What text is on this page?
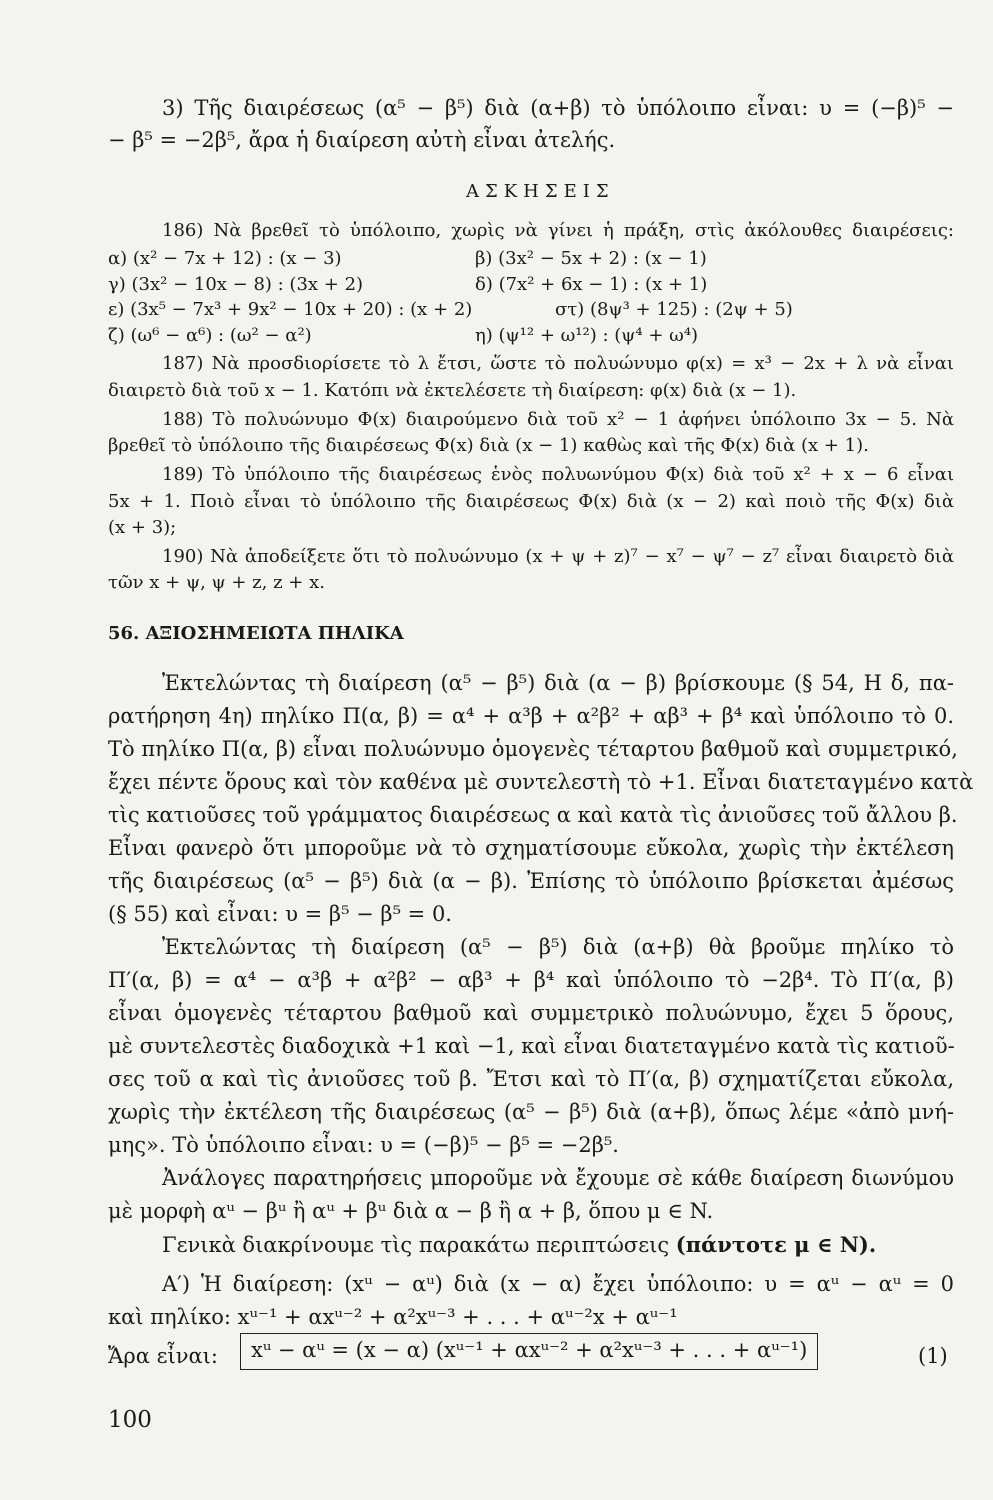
3) Τῆς διαιρέσεως (α⁵ − β⁵) διὰ (α+β) τὸ ὑπόλοιπο εἶναι: υ = (−β)⁵ −
− β⁵ = −2β⁵, ἄρα ἡ διαίρεση αὐτὴ εἶναι ἀτελής.
ΑΣΚΗΣΕΙΣ
186) Νὰ βρεθεῖ τὸ ὑπόλοιπο, χωρὶς νὰ γίνει ἡ πράξη, στὶς ἀκόλουθες διαιρέσεις:
α) (x² − 7x + 12) : (x − 3)	β) (3x² − 5x + 2) : (x − 1)
γ) (3x² − 10x − 8) : (3x + 2)	δ) (7x² + 6x − 1) : (x + 1)
ε) (3x⁵ − 7x³ + 9x² − 10x + 20) : (x + 2)	στ) (8ψ³ + 125) : (2ψ + 5)
ζ) (ω⁶ − α⁶) : (ω² − α²)	η) (ψ¹² + ω¹²) : (ψ⁴ + ω⁴)
187) Νὰ προσδιορίσετε τὸ λ ἔτσι, ὥστε τὸ πολυώνυμο φ(x) = x³ − 2x + λ νὰ εἶναι
διαιρετὸ διὰ τοῦ x − 1. Κατόπι νὰ ἐκτελέσετε τὴ διαίρεση: φ(x) διὰ (x − 1).
188) Τὸ πολυώνυμο Φ(x) διαιρούμενο διὰ τοῦ x² − 1 ἀφήνει ὑπόλοιπο 3x − 5. Νὰ
βρεθεῖ τὸ ὑπόλοιπο τῆς διαιρέσεως Φ(x) διὰ (x − 1) καθὼς καὶ τῆς Φ(x) διὰ (x + 1).
189) Τὸ ὑπόλοιπο τῆς διαιρέσεως ἑνὸς πολυωνύμου Φ(x) διὰ τοῦ x² + x − 6 εἶναι
5x + 1. Ποιὸ εἶναι τὸ ὑπόλοιπο τῆς διαιρέσεως Φ(x) διὰ (x − 2) καὶ ποιὸ τῆς Φ(x) διὰ
(x + 3);
190) Νὰ ἀποδείξετε ὅτι τὸ πολυώνυμο (x + ψ + z)⁷ − x⁷ − ψ⁷ − z⁷ εἶναι διαιρετὸ διὰ
τῶν x + ψ, ψ + z, z + x.
56. ΑΞΙΟΣΗΜΕΙΩΤΑ ΠΗΛΙΚΑ
Ἐκτελώντας τὴ διαίρεση (α⁵ − β⁵) διὰ (α − β) βρίσκουμε (§ 54, Η δ, πα-
ρατήρηση 4η) πηλίκο Π(α, β) = α⁴ + α³β + α²β² + αβ³ + β⁴ καὶ ὑπόλοιπο τὸ 0.
Τὸ πηλίκο Π(α, β) εἶναι πολυώνυμο ὁμογενὲς τέταρτου βαθμοῦ καὶ συμμετρικό,
ἔχει πέντε ὅρους καὶ τὸν καθένα μὲ συντελεστὴ τὸ +1. Εἶναι διατεταγμένο κατὰ
τὶς κατιοῦσες τοῦ γράμματος διαιρέσεως α καὶ κατὰ τὶς ἀνιοῦσες τοῦ ἄλλου β.
Εἶναι φανερὸ ὅτι μποροῦμε νὰ τὸ σχηματίσουμε εὔκολα, χωρὶς τὴν ἐκτέλεση
τῆς διαιρέσεως (α⁵ − β⁵) διὰ (α − β). Ἐπίσης τὸ ὑπόλοιπο βρίσκεται ἀμέσως
(§ 55) καὶ εἶναι: υ = β⁵ − β⁵ = 0.
Ἐκτελώντας τὴ διαίρεση (α⁵ − β⁵) διὰ (α+β) θὰ βροῦμε πηλίκο τὸ
Π′(α, β) = α⁴ − α³β + α²β² − αβ³ + β⁴ καὶ ὑπόλοιπο τὸ −2β⁴. Τὸ Π′(α, β)
εἶναι ὁμογενὲς τέταρτου βαθμοῦ καὶ συμμετρικὸ πολυώνυμο, ἔχει 5 ὅρους,
μὲ συντελεστὲς διαδοχικὰ +1 καὶ −1, καὶ εἶναι διατεταγμένο κατὰ τὶς κατιοῦ-
σες τοῦ α καὶ τὶς ἀνιοῦσες τοῦ β. Ἔτσι καὶ τὸ Π′(α, β) σχηματίζεται εὔκολα,
χωρὶς τὴν ἐκτέλεση τῆς διαιρέσεως (α⁵ − β⁵) διὰ (α+β), ὅπως λέμε «ἀπὸ μνή-
μης». Τὸ ὑπόλοιπο εἶναι: υ = (−β)⁵ − β⁵ = −2β⁵.
Ἀνάλογες παρατηρήσεις μποροῦμε νὰ ἔχουμε σὲ κάθε διαίρεση διωνύμου
μὲ μορφὴ αᵘ − βᵘ ἢ αᵘ + βᵘ διὰ α − β ἢ α + β, ὅπου μ ∈ N.
Γενικὰ διακρίνουμε τὶς παρακάτω περιπτώσεις (πάντοτε μ ∈ N).
Α′) Ἡ διαίρεση: (xᵘ − αᵘ) διὰ (x − α) ἔχει ὑπόλοιπο: υ = αᵘ − αᵘ = 0
καὶ πηλίκο: xᵘ⁻¹ + αxᵘ⁻² + α²xᵘ⁻³ + . . . + αᵘ⁻²x + αᵘ⁻¹
Ἄρα εἶναι:	xᵘ − αᵘ = (x − α) (xᵘ⁻¹ + αxᵘ⁻² + α²xᵘ⁻³ + . . . + αᵘ⁻¹)	(1)
100
